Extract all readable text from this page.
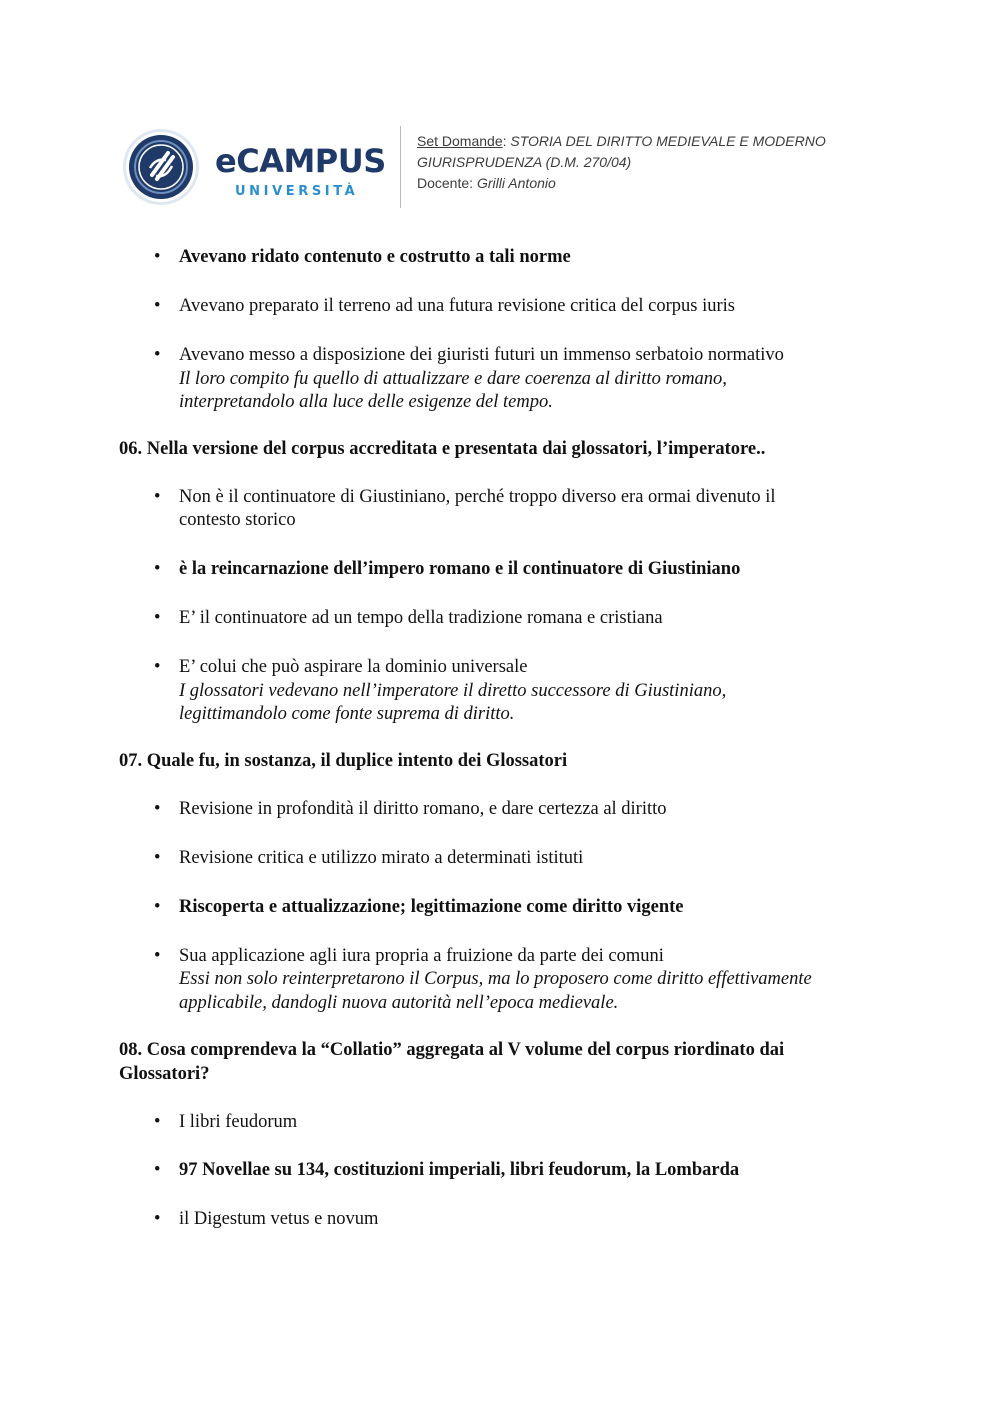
eCAMPUS
UNIVERSITÀ
Set Domande: STORIA DEL DIRITTO MEDIEVALE E MODERNO
GIURISPRUDENZA (D.M. 270/04)
Docente: Grilli Antonio
• Avevano ridato contenuto e costrutto a tali norme
• Avevano preparato il terreno ad una futura revisione critica del corpus iuris
• Avevano messo a disposizione dei giuristi futuri un immenso serbatoio normativo
Il loro compito fu quello di attualizzare e dare coerenza al diritto romano,
interpretandolo alla luce delle esigenze del tempo.
06. Nella versione del corpus accreditata e presentata dai glossatori, l’imperatore..
• Non è il continuatore di Giustiniano, perché troppo diverso era ormai divenuto il
contesto storico
• è la reincarnazione dell’impero romano e il continuatore di Giustiniano
• E’ il continuatore ad un tempo della tradizione romana e cristiana
• E’ colui che può aspirare la dominio universale
I glossatori vedevano nell’imperatore il diretto successore di Giustiniano,
legittimandolo come fonte suprema di diritto.
07. Quale fu, in sostanza, il duplice intento dei Glossatori
• Revisione in profondità il diritto romano, e dare certezza al diritto
• Revisione critica e utilizzo mirato a determinati istituti
• Riscoperta e attualizzazione; legittimazione come diritto vigente
• Sua applicazione agli iura propria a fruizione da parte dei comuni
Essi non solo reinterpretarono il Corpus, ma lo proposero come diritto effettivamente
applicabile, dandogli nuova autorità nell’epoca medievale.
08. Cosa comprendeva la “Collatio” aggregata al V volume del corpus riordinato dai
Glossatori?
• I libri feudorum
• 97 Novellae su 134, costituzioni imperiali, libri feudorum, la Lombarda
• il Digestum vetus e novum
